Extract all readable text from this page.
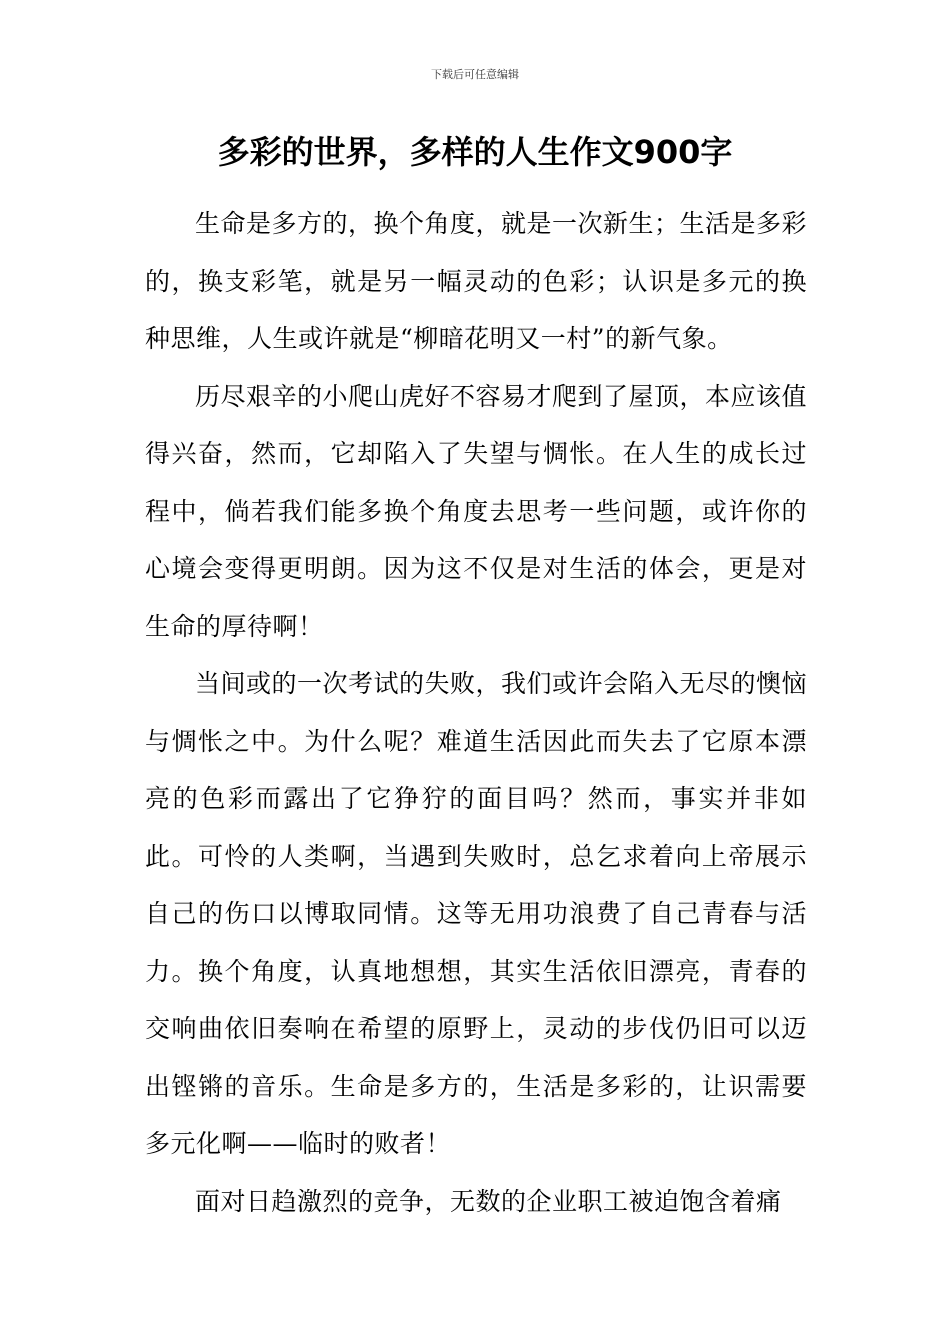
下载后可任意编辑
多彩的世界，多样的人生作文900字

生命是多方的，换个角度，就是一次新生；生活是多彩的，换支彩笔，就是另一幅灵动的色彩；认识是多元的换种思维，人生或许就是“柳暗花明又一村”的新气象。

历尽艰辛的小爬山虎好不容易才爬到了屋顶，本应该值得兴奋，然而，它却陷入了失望与惆怅。在人生的成长过程中，倘若我们能多换个角度去思考一些问题，或许你的心境会变得更明朗。因为这不仅是对生活的体会，更是对生命的厚待啊！

当间或的一次考试的失败，我们或许会陷入无尽的懊恼与惆怅之中。为什么呢？难道生活因此而失去了它原本漂亮的色彩而露出了它狰狞的面目吗？然而，事实并非如此。可怜的人类啊，当遇到失败时，总乞求着向上帝展示自己的伤口以博取同情。这等无用功浪费了自己青春与活力。换个角度，认真地想想，其实生活依旧漂亮，青春的交响曲依旧奏响在希望的原野上，灵动的步伐仍旧可以迈出铿锵的音乐。生命是多方的，生活是多彩的，让识需要多元化啊——临时的败者！

面对日趋激烈的竞争，无数的企业职工被迫饱含着痛
